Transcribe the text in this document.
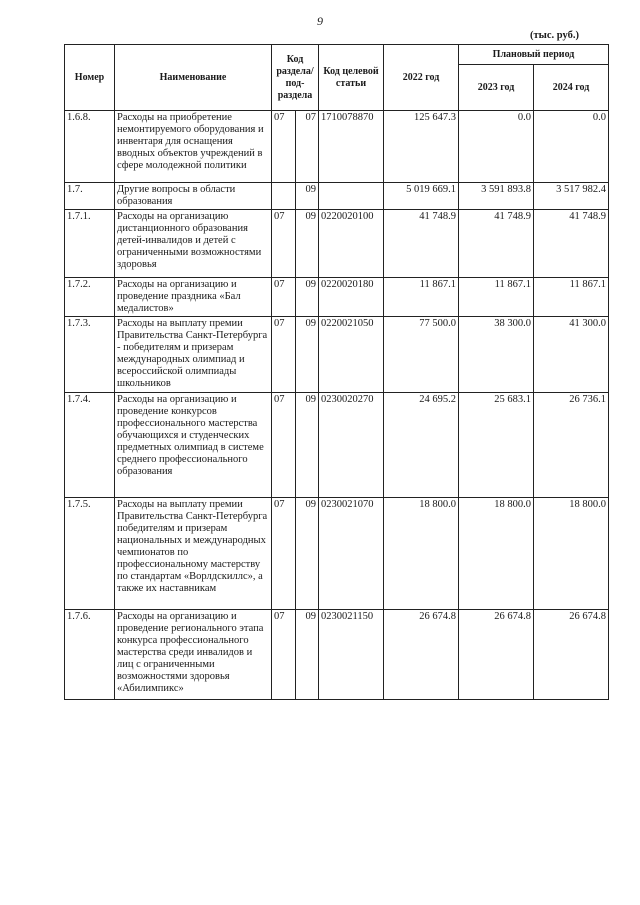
9
(тыс. руб.)
Номер	Наименование	Код раздела/ под- раздела		Код целевой статьи	2022 год	Плановый период	
						2023 год	2024 год
1.6.8.	Расходы на приобретение немонтируемого оборудования и инвентаря для оснащения вводных объектов учреждений в сфере молодежной политики	07	07	1710078870	125 647.3	0.0	0.0
1.7.	Другие вопросы в области образования		09		5 019 669.1	3 591 893.8	3 517 982.4
1.7.1.	Расходы на организацию дистанционного образования детей-инвалидов и детей с ограниченными возможностями здоровья	07	09	0220020100	41 748.9	41 748.9	41 748.9
1.7.2.	Расходы на организацию и проведение праздника «Бал медалистов»	07	09	0220020180	11 867.1	11 867.1	11 867.1
1.7.3.	Расходы на выплату премии Правительства Санкт-Петербурга - победителям и призерам международных олимпиад и всероссийской олимпиады школьников	07	09	0220021050	77 500.0	38 300.0	41 300.0
1.7.4.	Расходы на организацию и проведение конкурсов профессионального мастерства обучающихся и студенческих предметных олимпиад в системе среднего профессионального образования	07	09	0230020270	24 695.2	25 683.1	26 736.1
1.7.5.	Расходы на выплату премии Правительства Санкт-Петербурга победителям и призерам национальных и международных чемпионатов по профессиональному мастерству по стандартам «Ворлдскиллс», а также их наставникам	07	09	0230021070	18 800.0	18 800.0	18 800.0
1.7.6.	Расходы на организацию и проведение регионального этапа конкурса профессионального мастерства среди инвалидов и лиц с ограниченными возможностями здоровья «Абилимпикс»	07	09	0230021150	26 674.8	26 674.8	26 674.8
